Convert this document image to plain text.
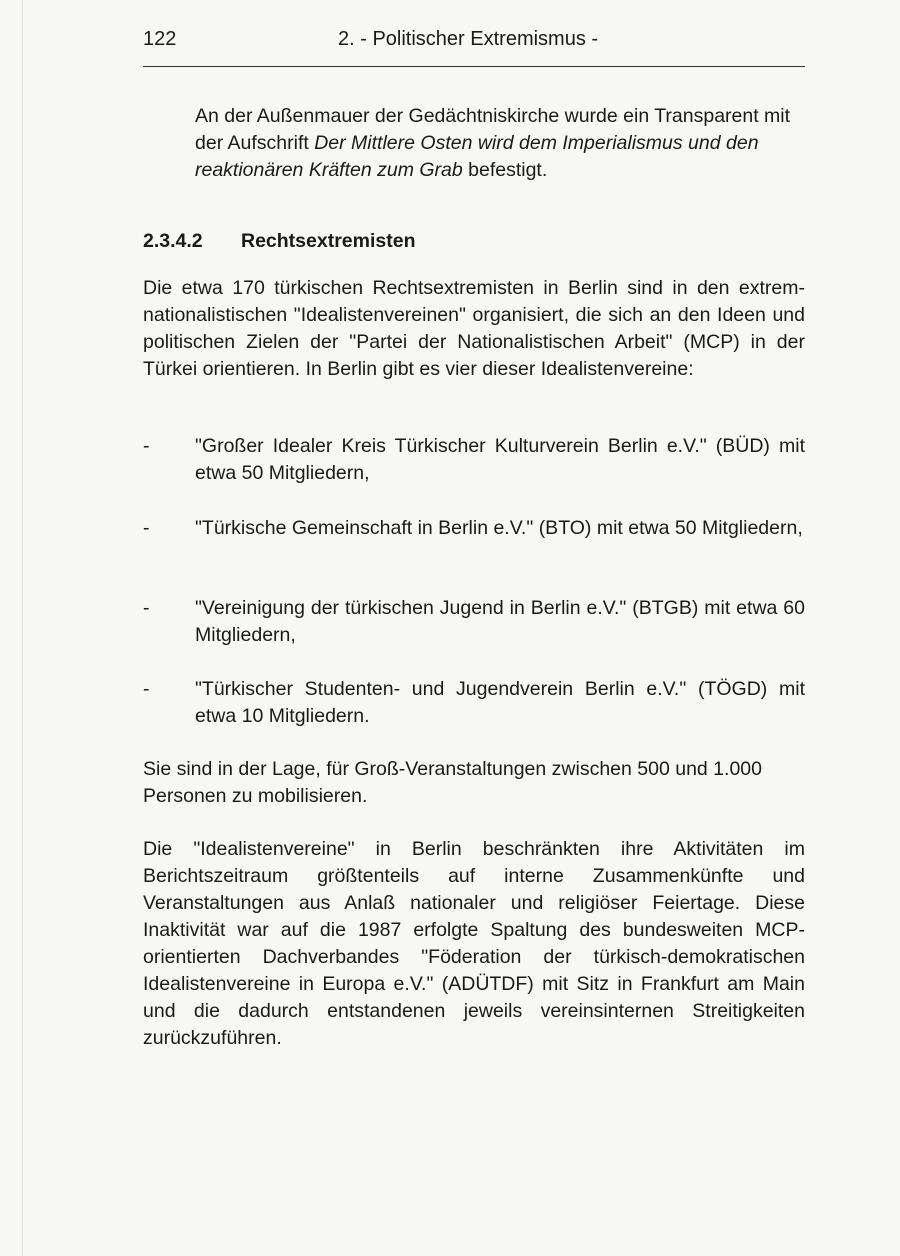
122	2. - Politischer Extremismus -
An der Außenmauer der Gedächtniskirche wurde ein Transparent mit der Aufschrift Der Mittlere Osten wird dem Imperialismus und den reaktionären Kräften zum Grab befestigt.
2.3.4.2 Rechtsextremisten
Die etwa 170 türkischen Rechtsextremisten in Berlin sind in den extrem-nationalistischen "Idealistenvereinen" organisiert, die sich an den Ideen und politischen Zielen der "Partei der Nationalistischen Arbeit" (MCP) in der Türkei orientieren. In Berlin gibt es vier dieser Idealistenvereine:
- "Großer Idealer Kreis Türkischer Kulturverein Berlin e.V." (BÜD) mit etwa 50 Mitgliedern,
- "Türkische Gemeinschaft in Berlin e.V." (BTO) mit etwa 50 Mitgliedern,
- "Vereinigung der türkischen Jugend in Berlin e.V." (BTGB) mit etwa 60 Mitgliedern,
- "Türkischer Studenten- und Jugendverein Berlin e.V." (TÖGD) mit etwa 10 Mitgliedern.
Sie sind in der Lage, für Groß-Veranstaltungen zwischen 500 und 1.000 Personen zu mobilisieren.
Die "Idealistenvereine" in Berlin beschränkten ihre Aktivitäten im Berichtszeitraum größtenteils auf interne Zusammenkünfte und Veranstaltungen aus Anlaß nationaler und religiöser Feiertage. Diese Inaktivität war auf die 1987 erfolgte Spaltung des bundesweiten MCP-orientierten Dachverbandes "Föderation der türkisch-demokratischen Idealistenvereine in Europa e.V." (ADÜTDF) mit Sitz in Frankfurt am Main und die dadurch entstandenen jeweils vereinsinternen Streitigkeiten zurückzuführen.
